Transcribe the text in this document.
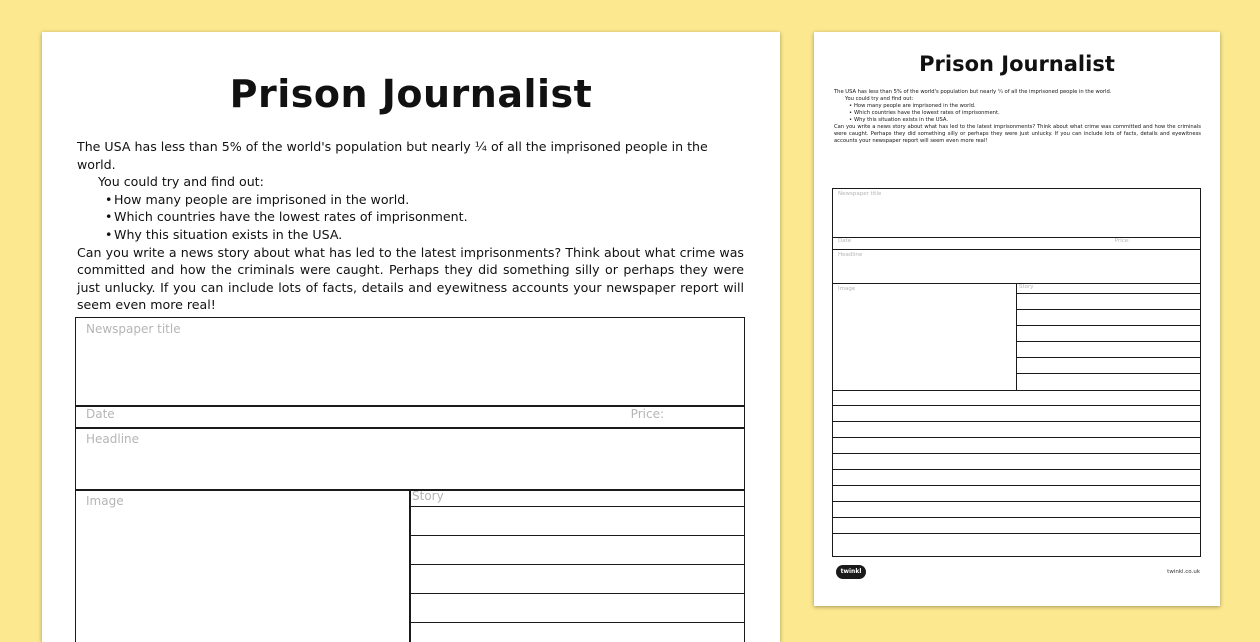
Prison Journalist

The USA has less than 5% of the world's population but nearly ¼ of all the imprisoned people in the world.

You could try and find out:

• How many people are imprisoned in the world.

• Which countries have the lowest rates of imprisonment.

• Why this situation exists in the USA.

Can you write a news story about what has led to the latest imprisonments? Think about what crime was committed and how the criminals were caught. Perhaps they did something silly or perhaps they were just unlucky. If you can include lots of facts, details and eyewitness accounts your newspaper report will seem even more real!

Newspaper title
Date	Price:
Headline
Image	Story
Prison Journalist

The USA has less than 5% of the world's population but nearly ¼ of all the imprisoned people in the world.

You could try and find out:

• How many people are imprisoned in the world.

• Which countries have the lowest rates of imprisonment.

• Why this situation exists in the USA.

Can you write a news story about what has led to the latest imprisonments? Think about what crime was committed and how the criminals were caught. Perhaps they did something silly or perhaps they were just unlucky. If you can include lots of facts, details and eyewitness accounts your newspaper report will seem even more real!

Newspaper title
Date	Price:
Headline
Image	Story
twinkl	twinkl.co.uk
